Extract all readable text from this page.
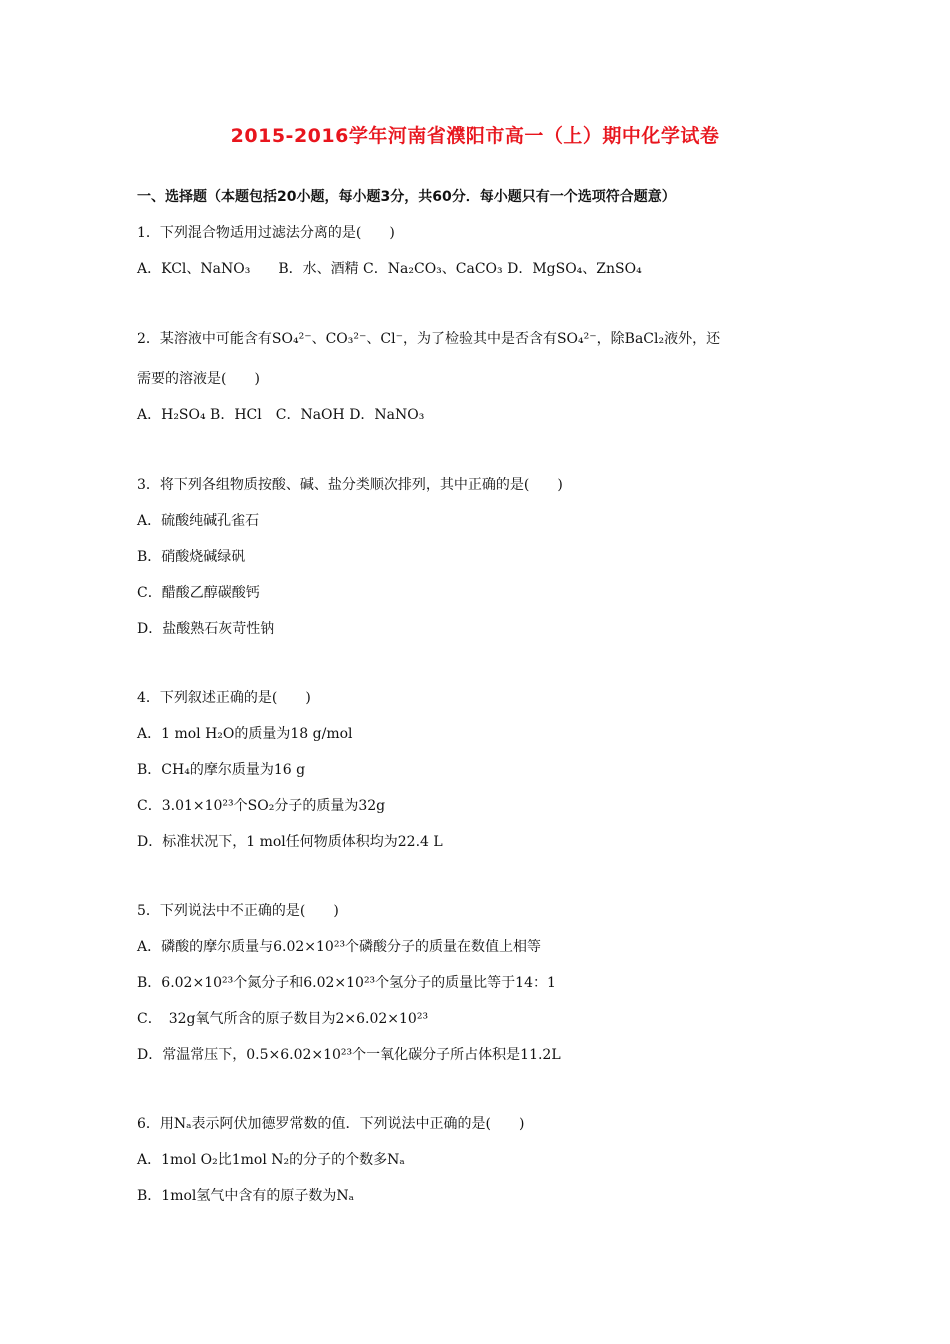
2015-2016学年河南省濮阳市高一（上）期中化学试卷
一、选择题（本题包括20小题，每小题3分，共60分．每小题只有一个选项符合题意）
1．下列混合物适用过滤法分离的是(　　)
A．KCl、NaNO₃　　B．水、酒精 C．Na₂CO₃、CaCO₃ D．MgSO₄、ZnSO₄
2．某溶液中可能含有SO₄²⁻、CO₃²⁻、Cl⁻，为了检验其中是否含有SO₄²⁻，除BaCl₂液外，还
需要的溶液是(　　)
A．H₂SO₄ B．HCl　C．NaOH D．NaNO₃
3．将下列各组物质按酸、碱、盐分类顺次排列，其中正确的是(　　)
A．硫酸纯碱孔雀石
B．硝酸烧碱绿矾
C．醋酸乙醇碳酸钙
D．盐酸熟石灰苛性钠
4．下列叙述正确的是(　　)
A．1 mol H₂O的质量为18 g/mol
B．CH₄的摩尔质量为16 g
C．3.01×10²³个SO₂分子的质量为32g
D．标准状况下，1 mol任何物质体积均为22.4 L
5．下列说法中不正确的是(　　)
A．磷酸的摩尔质量与6.02×10²³个磷酸分子的质量在数值上相等
B．6.02×10²³个氮分子和6.02×10²³个氢分子的质量比等于14：1
C．　32g氧气所含的原子数目为2×6.02×10²³
D．常温常压下，0.5×6.02×10²³个一氧化碳分子所占体积是11.2L
6．用Nₐ表示阿伏加德罗常数的值．下列说法中正确的是(　　)
A．1mol O₂比1mol N₂的分子的个数多Nₐ
B．1mol氢气中含有的原子数为Nₐ
